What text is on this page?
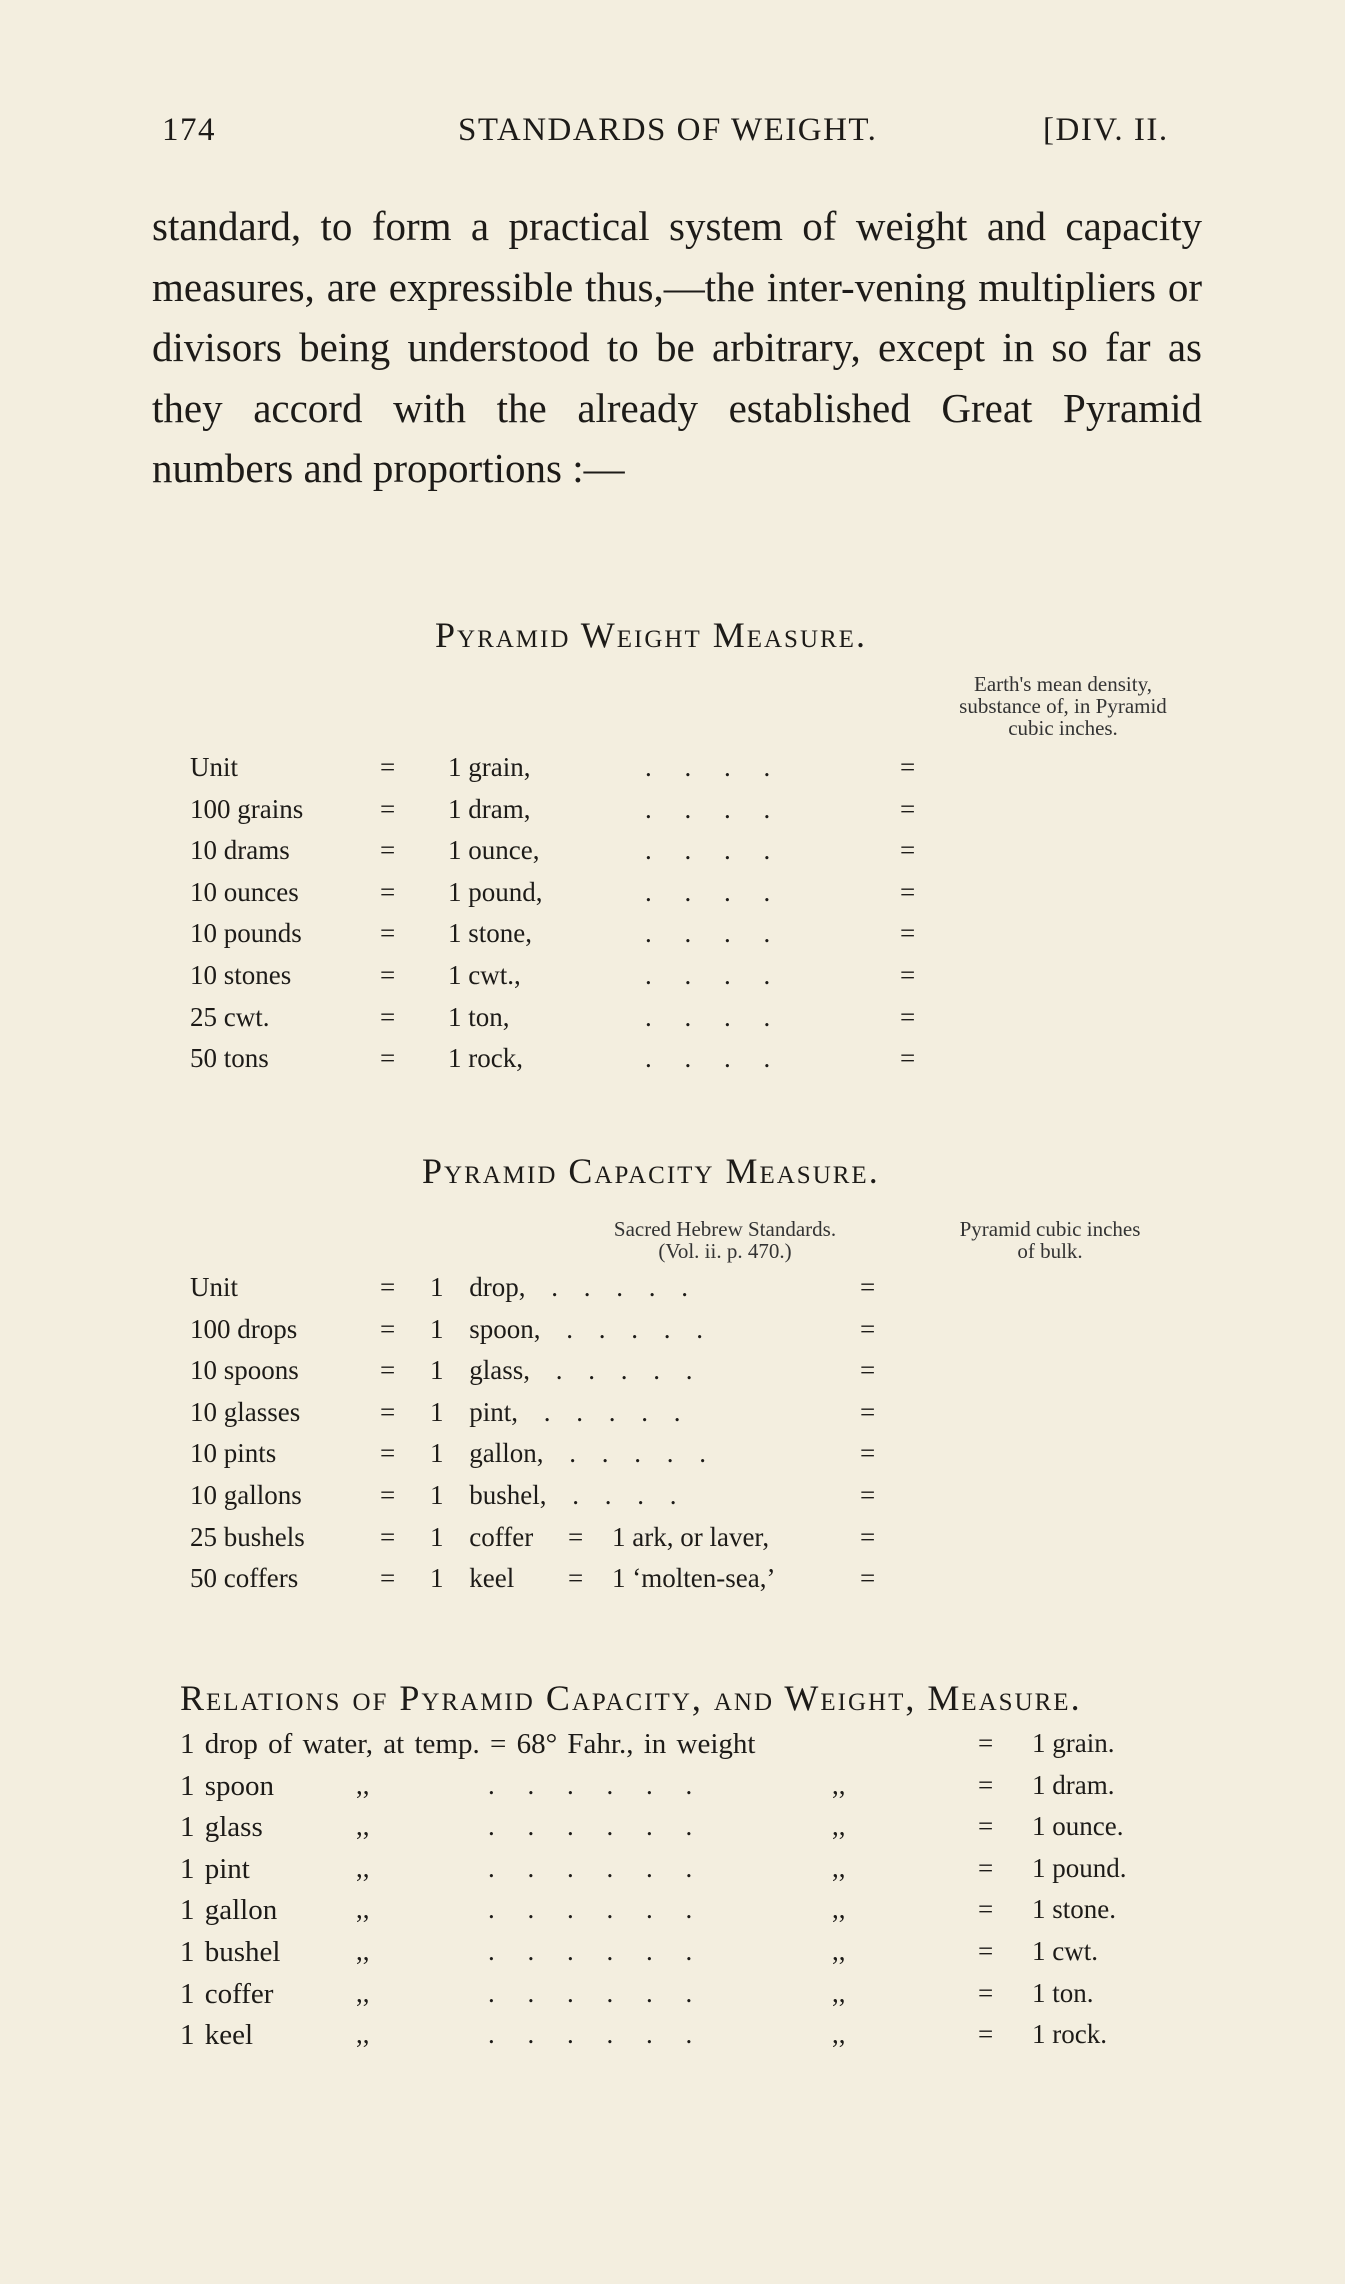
174	STANDARDS OF WEIGHT.	[DIV. II.
standard, to form a practical system of weight and capacity measures, are expressible thus,—the inter-vening multipliers or divisors being understood to be arbitrary, except in so far as they accord with the already established Great Pyramid numbers and proportions :—
Pyramid Weight Measure.
Earth's mean density,
substance of, in Pyramid
cubic inches.
Unit	= 1 grain,	. . . .	=
100 grains	= 1 dram,	. . . .	=
10 drams	= 1 ounce,	. . . .	=
10 ounces	= 1 pound,	. . . .	=
10 pounds	= 1 stone,	. . . .	=
10 stones	= 1 cwt.,	. . . .	=
25 cwt.	= 1 ton,	. . . .	=
50 tons	= 1 rock,	. . . .	=
Pyramid Capacity Measure.
Sacred Hebrew Standards.
(Vol. ii. p. 470.)
Pyramid cubic inches
of bulk.
Unit	= 1 drop, . . . . .	=
100 drops	= 1 spoon, . . . . .	=
10 spoons	= 1 glass, . . . . .	=
10 glasses	= 1 pint, . . . . .	=
10 pints	= 1 gallon, . . . . .	=
10 gallons	= 1 bushel, . . . .	=
25 bushels	= 1 coffer = 1 ark, or laver,	=
50 coffers	= 1 keel = 1 ‘molten-sea,’	=
Relations of Pyramid Capacity, and Weight, Measure.
1 drop of water, at temp. = 68° Fahr., in weight	= 1 grain.
1 spoon	,,	. . . . . .	,,	= 1 dram.
1 glass	,,	. . . . . .	,,	= 1 ounce.
1 pint	,,	. . . . . .	,,	= 1 pound.
1 gallon	,,	. . . . . .	,,	= 1 stone.
1 bushel	,,	. . . . . .	,,	= 1 cwt.
1 coffer	,,	. . . . . .	,,	= 1 ton.
1 keel	,,	. . . . . .	,,	= 1 rock.
